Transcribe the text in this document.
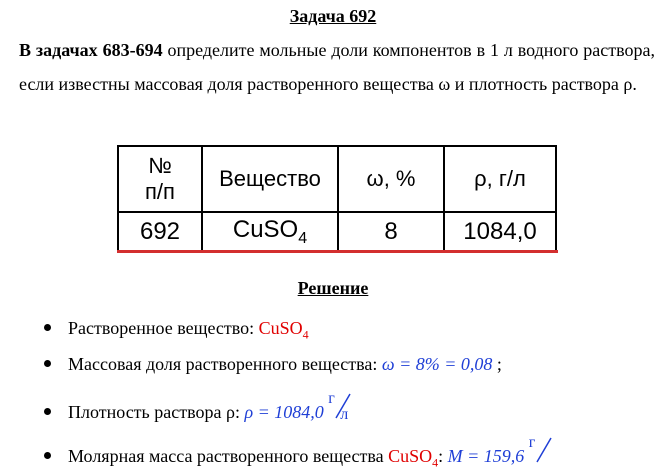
Задача 692
В задачах 683-694 определите мольные доли компонентов в 1 л водного раствора, если известны массовая доля растворенного вещества ω и плотность раствора ρ.
№
п/п	Вещество	ω, %	ρ, г/л
692	CuSO$_4$	8	1084,0
Решение
Растворенное вещество: CuSO$_4$
Массовая доля растворенного вещества: ω = 8% = 0,08 ;
Плотность раствора ρ: ρ = 1084,0
г
л
Молярная масса растворенного вещества CuSO$_4$: M = 159,6
г
